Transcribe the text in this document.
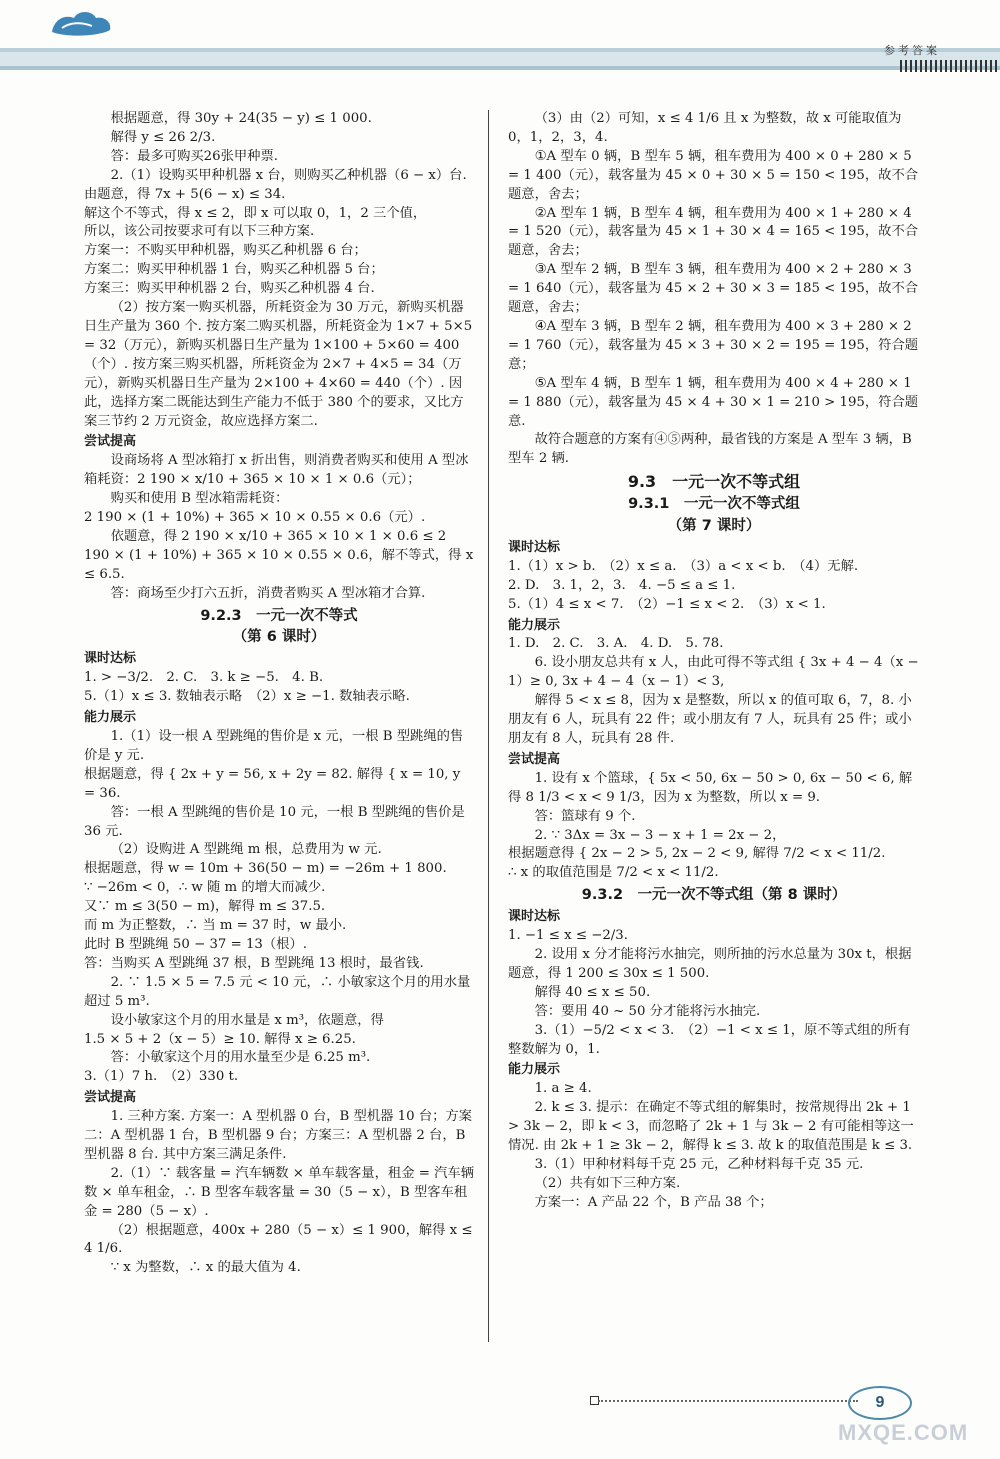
参考答案

根据题意，得 30y + 24(35 − y) ≤ 1 000.

解得 y ≤ 26 2/3.

答：最多可购买26张甲种票.

2.（1）设购买甲种机器 x 台，则购买乙种机器（6 − x）台.

由题意，得 7x + 5(6 − x) ≤ 34.

解这个不等式，得 x ≤ 2，即 x 可以取 0，1，2 三个值，

所以，该公司按要求可有以下三种方案.

方案一：不购买甲种机器，购买乙种机器 6 台；

方案二：购买甲种机器 1 台，购买乙种机器 5 台；

方案三：购买甲种机器 2 台，购买乙种机器 4 台.

（2）按方案一购买机器，所耗资金为 30 万元，新购买机器日生产量为 360 个. 按方案二购买机器，所耗资金为 1×7 + 5×5 = 32（万元），新购买机器日生产量为 1×100 + 5×60 = 400（个）. 按方案三购买机器，所耗资金为 2×7 + 4×5 = 34（万元），新购买机器日生产量为 2×100 + 4×60 = 440（个）. 因此，选择方案二既能达到生产能力不低于 380 个的要求，又比方案三节约 2 万元资金，故应选择方案二.

尝试提高

设商场将 A 型冰箱打 x 折出售，则消费者购买和使用 A 型冰箱耗资：2 190 × x/10 + 365 × 10 × 1 × 0.6（元）；

购买和使用 B 型冰箱需耗资：

2 190 × (1 + 10%) + 365 × 10 × 0.55 × 0.6（元）.

依题意，得 2 190 × x/10 + 365 × 10 × 1 × 0.6 ≤ 2 190 × (1 + 10%) + 365 × 10 × 0.55 × 0.6，解不等式，得 x ≤ 6.5.

答：商场至少打六五折，消费者购买 A 型冰箱才合算.

9.2.3　一元一次不等式

（第 6 课时）

课时达标

1. > −3/2.　2. C.　3. k ≥ −5.　4. B.

5.（1）x ≤ 3. 数轴表示略　（2）x ≥ −1. 数轴表示略.

能力展示

1.（1）设一根 A 型跳绳的售价是 x 元，一根 B 型跳绳的售价是 y 元.

根据题意，得 { 2x + y = 56, x + 2y = 82. 解得 { x = 10, y = 36.

答：一根 A 型跳绳的售价是 10 元，一根 B 型跳绳的售价是 36 元.

（2）设购进 A 型跳绳 m 根，总费用为 w 元.

根据题意，得 w = 10m + 36(50 − m) = −26m + 1 800.

∵ −26m < 0，∴ w 随 m 的增大而减少.

又∵ m ≤ 3(50 − m)，解得 m ≤ 37.5.

而 m 为正整数，∴ 当 m = 37 时，w 最小.

此时 B 型跳绳 50 − 37 = 13（根）.

答：当购买 A 型跳绳 37 根，B 型跳绳 13 根时，最省钱.

2. ∵ 1.5 × 5 = 7.5 元 < 10 元，∴ 小敏家这个月的用水量超过 5 m³.

设小敏家这个月的用水量是 x m³，依题意，得

1.5 × 5 + 2（x − 5）≥ 10. 解得 x ≥ 6.25.

答：小敏家这个月的用水量至少是 6.25 m³.

3.（1）7 h.　（2）330 t.

尝试提高

1. 三种方案. 方案一：A 型机器 0 台，B 型机器 10 台；方案二：A 型机器 1 台，B 型机器 9 台；方案三：A 型机器 2 台，B 型机器 8 台. 其中方案三满足条件.

2.（1）∵ 载客量 = 汽车辆数 × 单车载客量，租金 = 汽车辆数 × 单车租金，∴ B 型客车载客量 = 30（5 − x），B 型客车租金 = 280（5 − x）.

（2）根据题意，400x + 280（5 − x）≤ 1 900，解得 x ≤ 4 1/6.

∵ x 为整数，∴ x 的最大值为 4.

（3）由（2）可知，x ≤ 4 1/6 且 x 为整数，故 x 可能取值为 0，1，2，3，4.

①A 型车 0 辆，B 型车 5 辆，租车费用为 400 × 0 + 280 × 5 = 1 400（元），载客量为 45 × 0 + 30 × 5 = 150 < 195，故不合题意，舍去；

②A 型车 1 辆，B 型车 4 辆，租车费用为 400 × 1 + 280 × 4 = 1 520（元），载客量为 45 × 1 + 30 × 4 = 165 < 195，故不合题意，舍去；

③A 型车 2 辆，B 型车 3 辆，租车费用为 400 × 2 + 280 × 3 = 1 640（元），载客量为 45 × 2 + 30 × 3 = 185 < 195，故不合题意，舍去；

④A 型车 3 辆，B 型车 2 辆，租车费用为 400 × 3 + 280 × 2 = 1 760（元），载客量为 45 × 3 + 30 × 2 = 195 = 195，符合题意；

⑤A 型车 4 辆，B 型车 1 辆，租车费用为 400 × 4 + 280 × 1 = 1 880（元），载客量为 45 × 4 + 30 × 1 = 210 > 195，符合题意.

故符合题意的方案有④⑤两种，最省钱的方案是 A 型车 3 辆，B 型车 2 辆.

9.3　一元一次不等式组

9.3.1　一元一次不等式组

（第 7 课时）

课时达标

1.（1）x > b.　（2）x ≤ a.　（3）a < x < b.　（4）无解.

2. D.　3. 1，2，3.　4. −5 ≤ a ≤ 1.

5.（1）4 ≤ x < 7.　（2）−1 ≤ x < 2.　（3）x < 1.

能力展示

1. D.　2. C.　3. A.　4. D.　5. 78.

6. 设小朋友总共有 x 人，由此可得不等式组 { 3x + 4 − 4（x − 1）≥ 0, 3x + 4 − 4（x − 1）< 3,

解得 5 < x ≤ 8，因为 x 是整数，所以 x 的值可取 6，7，8. 小朋友有 6 人，玩具有 22 件；或小朋友有 7 人，玩具有 25 件；或小朋友有 8 人，玩具有 28 件.

尝试提高

1. 设有 x 个篮球，{ 5x < 50, 6x − 50 > 0, 6x − 50 < 6, 解得 8 1/3 < x < 9 1/3，因为 x 为整数，所以 x = 9.

答：篮球有 9 个.

2. ∵ 3Δx = 3x − 3 − x + 1 = 2x − 2，

根据题意得 { 2x − 2 > 5, 2x − 2 < 9, 解得 7/2 < x < 11/2.

∴ x 的取值范围是 7/2 < x < 11/2.

9.3.2　一元一次不等式组（第 8 课时）

课时达标

1. −1 ≤ x ≤ −2/3.

2. 设用 x 分才能将污水抽完，则所抽的污水总量为 30x t，根据题意，得 1 200 ≤ 30x ≤ 1 500.

解得 40 ≤ x ≤ 50.

答：要用 40 ~ 50 分才能将污水抽完.

3.（1）−5/2 < x < 3.　（2）−1 < x ≤ 1，原不等式组的所有整数解为 0，1.

能力展示

1. a ≥ 4.

2. k ≤ 3. 提示：在确定不等式组的解集时，按常规得出 2k + 1 > 3k − 2，即 k < 3，而忽略了 2k + 1 与 3k − 2 有可能相等这一情况. 由 2k + 1 ≥ 3k − 2，解得 k ≤ 3. 故 k 的取值范围是 k ≤ 3.

3.（1）甲种材料每千克 25 元，乙种材料每千克 35 元.

（2）共有如下三种方案.

方案一：A 产品 22 个，B 产品 38 个；

9
MXQE.COM
